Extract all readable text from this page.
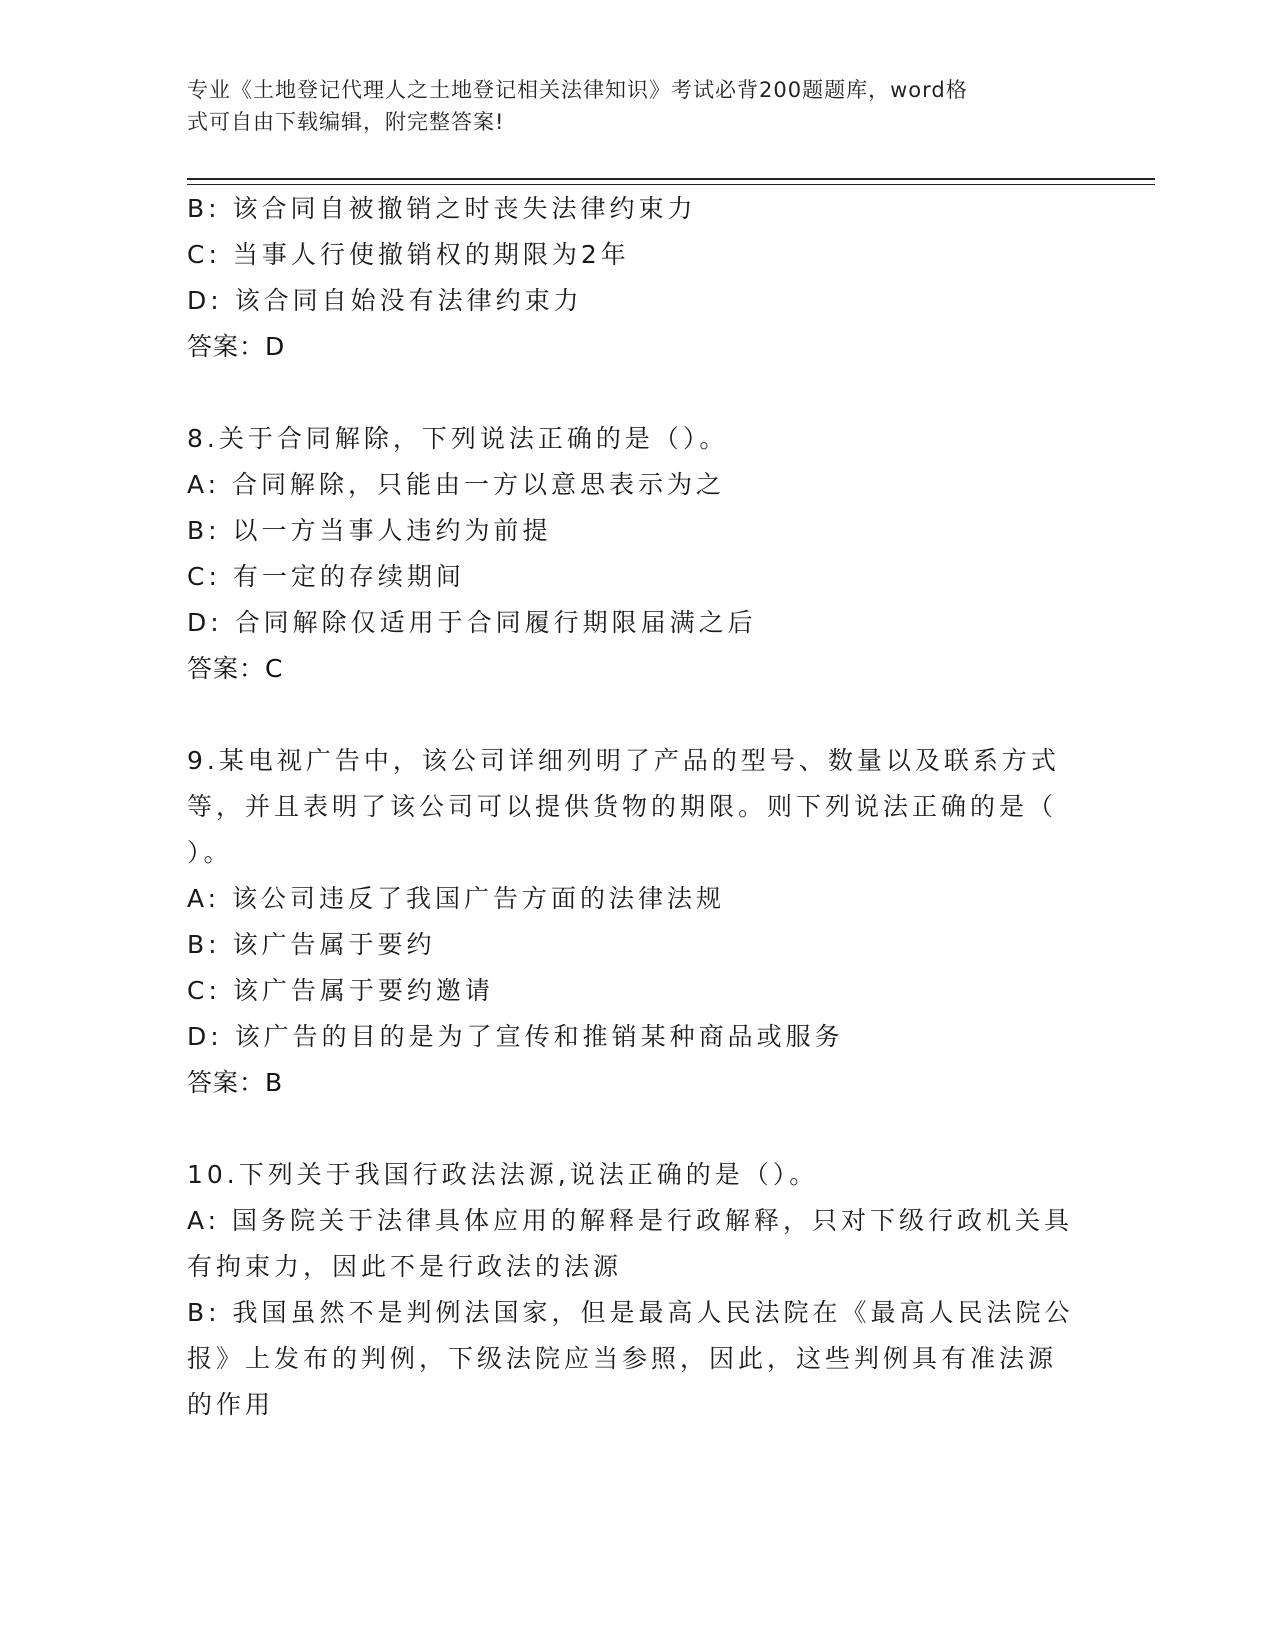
专业《土地登记代理人之土地登记相关法律知识》考试必背200题题库，word格
式可自由下载编辑，附完整答案!
B: 该合同自被撤销之时丧失法律约束力
C: 当事人行使撤销权的期限为2年
D: 该合同自始没有法律约束力
答案：D
8.关于合同解除，下列说法正确的是（）。
A: 合同解除，只能由一方以意思表示为之
B: 以一方当事人违约为前提
C: 有一定的存续期间
D: 合同解除仅适用于合同履行期限届满之后
答案：C
9.某电视广告中，该公司详细列明了产品的型号、数量以及联系方式
等，并且表明了该公司可以提供货物的期限。则下列说法正确的是（
）。
A: 该公司违反了我国广告方面的法律法规
B: 该广告属于要约
C: 该广告属于要约邀请
D: 该广告的目的是为了宣传和推销某种商品或服务
答案：B
10.下列关于我国行政法法源,说法正确的是（）。
A: 国务院关于法律具体应用的解释是行政解释，只对下级行政机关具
有拘束力，因此不是行政法的法源
B: 我国虽然不是判例法国家，但是最高人民法院在《最高人民法院公
报》上发布的判例，下级法院应当参照，因此，这些判例具有准法源
的作用
